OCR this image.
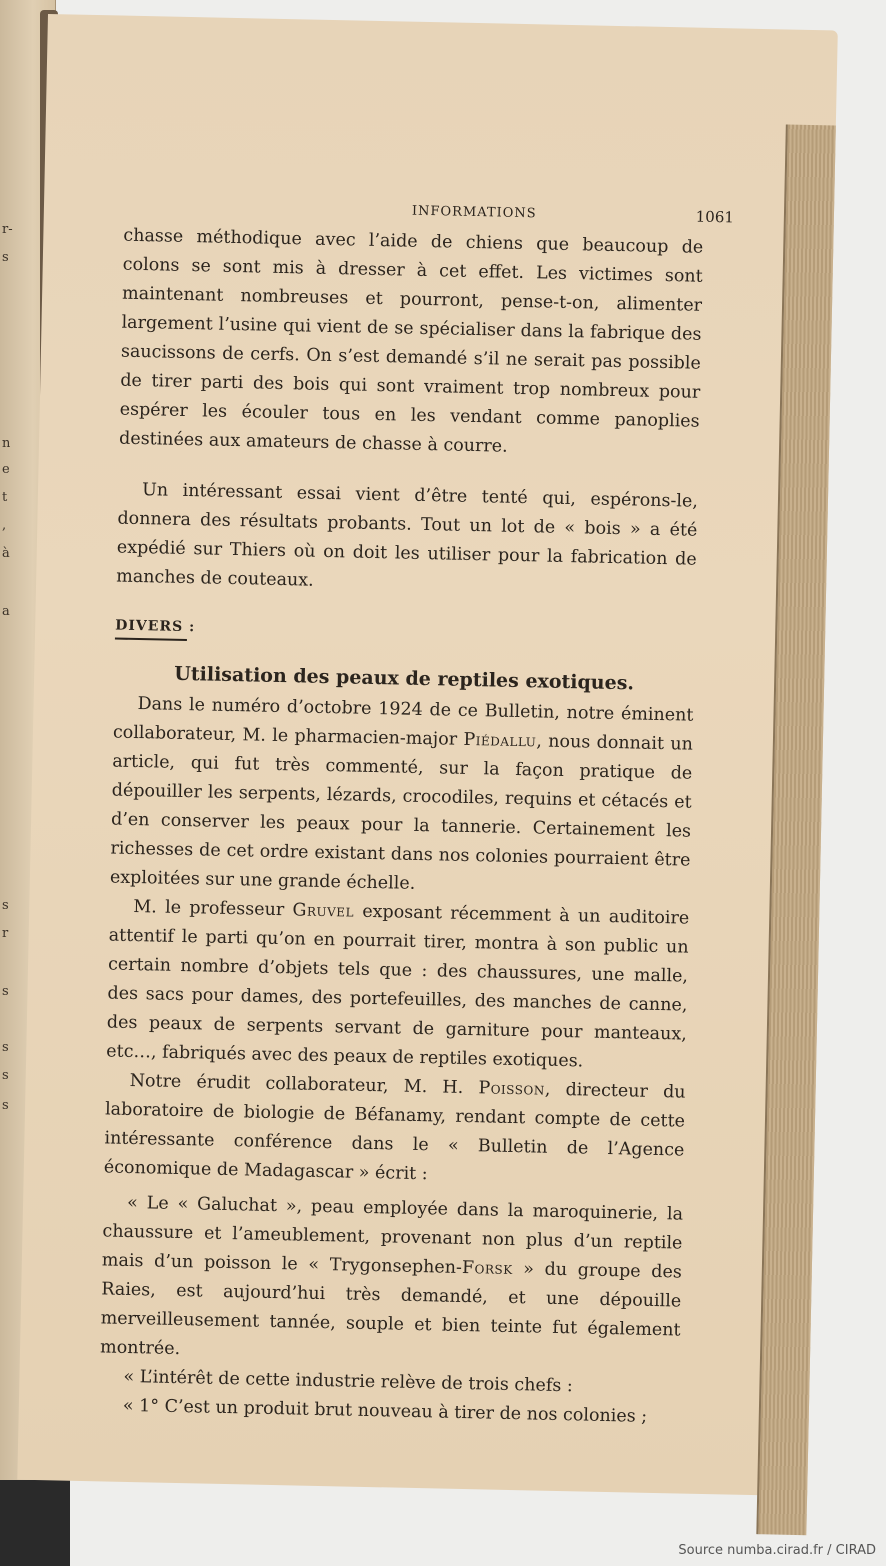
r-
s
n
e
t
,
à
a
s
r
s
s
s
s
INFORMATIONS	1061

chasse méthodique avec l’aide de chiens que beaucoup de colons se sont mis à dresser à cet effet. Les victimes sont maintenant nombreuses et pourront, pense-t-on, alimenter largement l’usine qui vient de se spécialiser dans la fabrique des saucissons de cerfs. On s’est demandé s’il ne serait pas possible de tirer parti des bois qui sont vraiment trop nombreux pour espérer les écouler tous en les vendant comme panoplies destinées aux amateurs de chasse à courre.

Un intéressant essai vient d’être tenté qui, espérons-le, donnera des résultats probants. Tout un lot de « bois » a été expédié sur Thiers où on doit les utiliser pour la fabrication de manches de couteaux.

DIVERS :
Utilisation des peaux de reptiles exotiques.

Dans le numéro d’octobre 1924 de ce Bulletin, notre éminent collaborateur, M. le pharmacien-major Piédallu, nous donnait un article, qui fut très commenté, sur la façon pratique de dépouiller les serpents, lézards, crocodiles, requins et cétacés et d’en conserver les peaux pour la tannerie. Certainement les richesses de cet ordre existant dans nos colonies pourraient être exploitées sur une grande échelle.

M. le professeur Gruvel exposant récemment à un auditoire attentif le parti qu’on en pourrait tirer, montra à son public un certain nombre d’objets tels que : des chaussures, une malle, des sacs pour dames, des portefeuilles, des manches de canne, des peaux de serpents servant de garniture pour manteaux, etc…, fabriqués avec des peaux de reptiles exotiques.

Notre érudit collaborateur, M. H. Poisson, directeur du laboratoire de biologie de Béfanamy, rendant compte de cette intéressante conférence dans le « Bulletin de l’Agence économique de Madagascar » écrit :

« Le « Galuchat », peau employée dans la maroquinerie, la chaussure et l’ameublement, provenant non plus d’un reptile mais d’un poisson le « Trygonsephen-Forsk » du groupe des Raies, est aujourd’hui très demandé, et une dépouille merveilleusement tannée, souple et bien teinte fut également montrée.

« L’intérêt de cette industrie relève de trois chefs :

« 1° C’est un produit brut nouveau à tirer de nos colonies ;

Source numba.cirad.fr / CIRAD
